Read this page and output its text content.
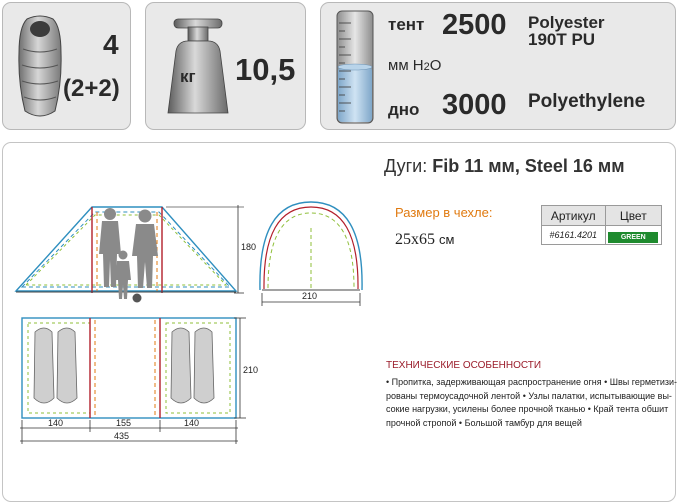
4
(2+2)	кг 10,5
тент 2500 Polyester
190T PU
мм H2O
дно 3000 Polyethylene
180
210
210
140	155	140
435
Дуги: Fib 11 мм, Steel 16 мм
Размер в чехле:
25x65 см
Артикул	Цвет
#6161.4201	GREEN
ТЕХНИЧЕСКИЕ ОСОБЕННОСТИ
• Пропитка, задерживающая распространение огня • Швы герметизи-
рованы термоусадочной лентой • Узлы палатки, испытывающие вы-
сокие нагрузки, усилены более прочной тканью • Край тента обшит
прочной стропой • Большой тамбур для вещей
